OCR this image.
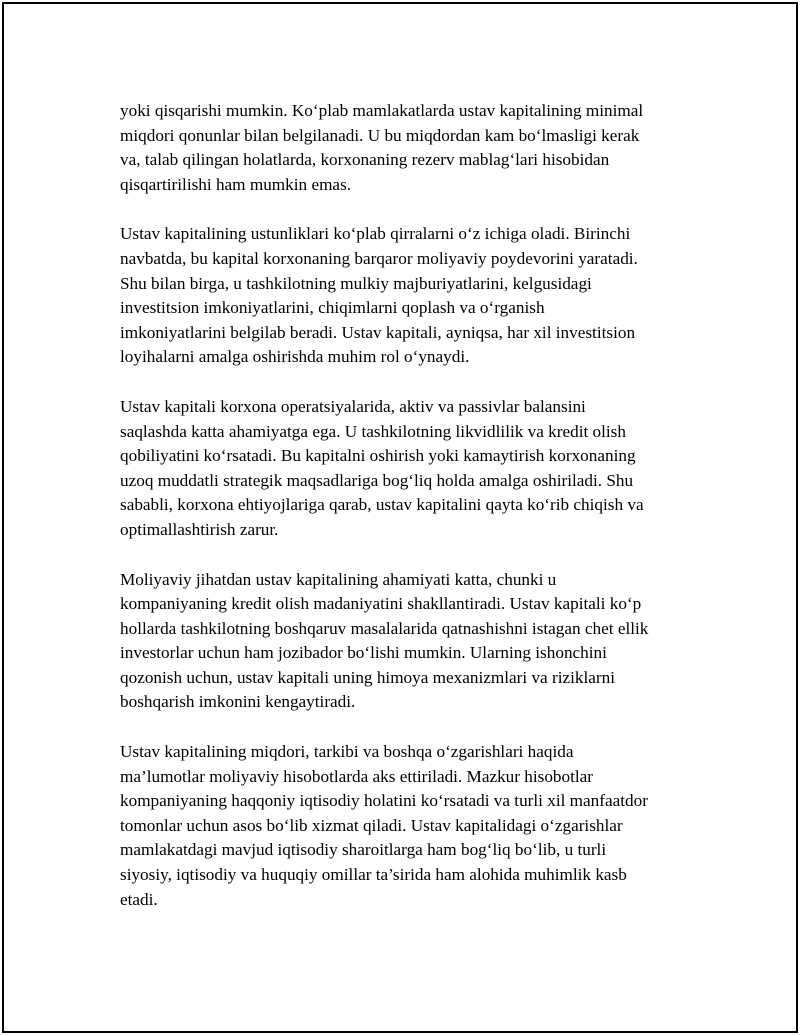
yoki qisqarishi mumkin. Ko‘plab mamlakatlarda ustav kapitalining minimal
miqdori qonunlar bilan belgilanadi. U bu miqdordan kam bo‘lmasligi kerak
va, talab qilingan holatlarda, korxonaning rezerv mablag‘lari hisobidan
qisqartirilishi ham mumkin emas.

Ustav kapitalining ustunliklari ko‘plab qirralarni o‘z ichiga oladi. Birinchi
navbatda, bu kapital korxonaning barqaror moliyaviy poydevorini yaratadi.
Shu bilan birga, u tashkilotning mulkiy majburiyatlarini, kelgusidagi
investitsion imkoniyatlarini, chiqimlarni qoplash va o‘rganish
imkoniyatlarini belgilab beradi. Ustav kapitali, ayniqsa, har xil investitsion
loyihalarni amalga oshirishda muhim rol o‘ynaydi.

Ustav kapitali korxona operatsiyalarida, aktiv va passivlar balansini
saqlashda katta ahamiyatga ega. U tashkilotning likvidlilik va kredit olish
qobiliyatini ko‘rsatadi. Bu kapitalni oshirish yoki kamaytirish korxonaning
uzoq muddatli strategik maqsadlariga bog‘liq holda amalga oshiriladi. Shu
sababli, korxona ehtiyojlariga qarab, ustav kapitalini qayta ko‘rib chiqish va
optimallashtirish zarur.

Moliyaviy jihatdan ustav kapitalining ahamiyati katta, chunki u
kompaniyaning kredit olish madaniyatini shakllantiradi. Ustav kapitali ko‘p
hollarda tashkilotning boshqaruv masalalarida qatnashishni istagan chet ellik
investorlar uchun ham jozibador bo‘lishi mumkin. Ularning ishonchini
qozonish uchun, ustav kapitali uning himoya mexanizmlari va riziklarni
boshqarish imkonini kengaytiradi.

Ustav kapitalining miqdori, tarkibi va boshqa o‘zgarishlari haqida
ma’lumotlar moliyaviy hisobotlarda aks ettiriladi. Mazkur hisobotlar
kompaniyaning haqqoniy iqtisodiy holatini ko‘rsatadi va turli xil manfaatdor
tomonlar uchun asos bo‘lib xizmat qiladi. Ustav kapitalidagi o‘zgarishlar
mamlakatdagi mavjud iqtisodiy sharoitlarga ham bog‘liq bo‘lib, u turli
siyosiy, iqtisodiy va huquqiy omillar ta’sirida ham alohida muhimlik kasb
etadi.
